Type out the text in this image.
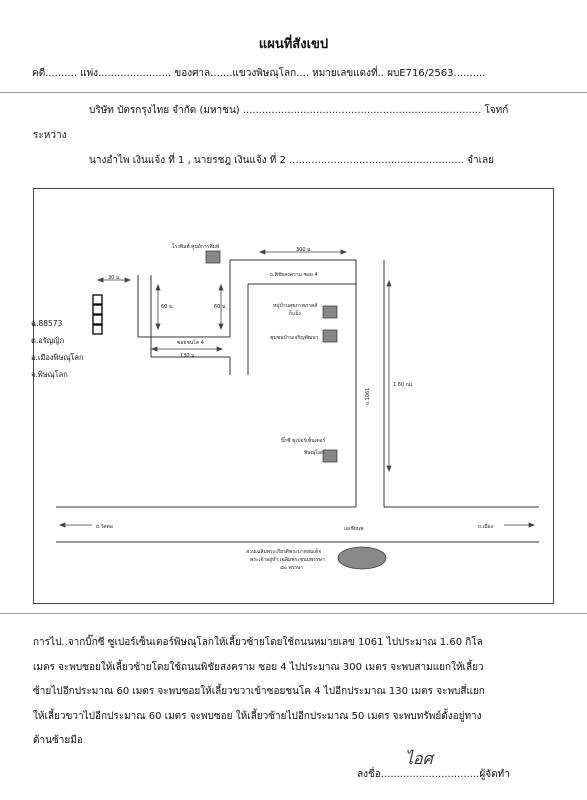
แผนที่สังเขป
คดี.......... แพ่ง....................... ของศาล.......แขวงพิษณุโลก.... หมายเลขแดงที่.. ผบE716/2563..........
บริษัท บัตรกรุงไทย จำกัด (มหาชน) ........................................................................... โจทก์
ระหว่าง
นางอำไพ เงินแจ้ง ที่ 1 , นายรชฎ เงินแจ้ง ที่ 2 ....................................................... จำเลย
โรงพิมพ์ ศูนย์การพิมพ์
หมู่บ้านสุขภาพภาคส์
ก็แอ็ง
ชุมชนบ้านเจริญพัฒนา
บิ๊กซี ซูเปอร์เซ็นเตอร์
พิษณุโลก
สวนเฉลิมพระเกียรติพระบาทสมเด็จ
พระเจ้าอยู่หัว เฉลิมพระชนมพรรษา
๘๐ พรรษา
ถ.พิชัยสงคราม ซอย 4
ซอยชนโค 4
เอเชียนพ
ถ.1061
ถ.วัดตอ	ถ.เมือง
300 ม.
30 ม.
60 ม.	60 ม.
130 ม.
1.60 กม.
ฉ.88573
ต.อรัญญิก
อ.เมืองพิษณุโลก
จ.พิษณุโลก
การไป..จากบิ๊กซี ซูเปอร์เซ็นเตอร์พิษณุโลกให้เลี้ยวซ้ายโดยใช้ถนนหมายเลข 1061 ไปประมาณ 1.60 กิโล
เมตร จะพบซอยให้เลี้ยวซ้ายโดยใช้ถนนพิชัยสงคราม ซอย 4 ไปประมาณ 300 เมตร จะพบสามแยกให้เลี้ยว
ซ้ายไปอีกประมาณ 60 เมตร จะพบซอยให้เลี้ยวขวาเข้าซอยชนโค 4 ไปอีกประมาณ 130 เมตร จะพบสี่แยก
ให้เลี้ยวขวาไปอีกประมาณ 60 เมตร จะพบซอย ให้เลี้ยวซ้ายไปอีกประมาณ 50 เมตร จะพบทรัพย์ตั้งอยู่ทาง
ด้านซ้ายมือ
ไอศ
ลงชื่อ...............................ผู้จัดทำ
